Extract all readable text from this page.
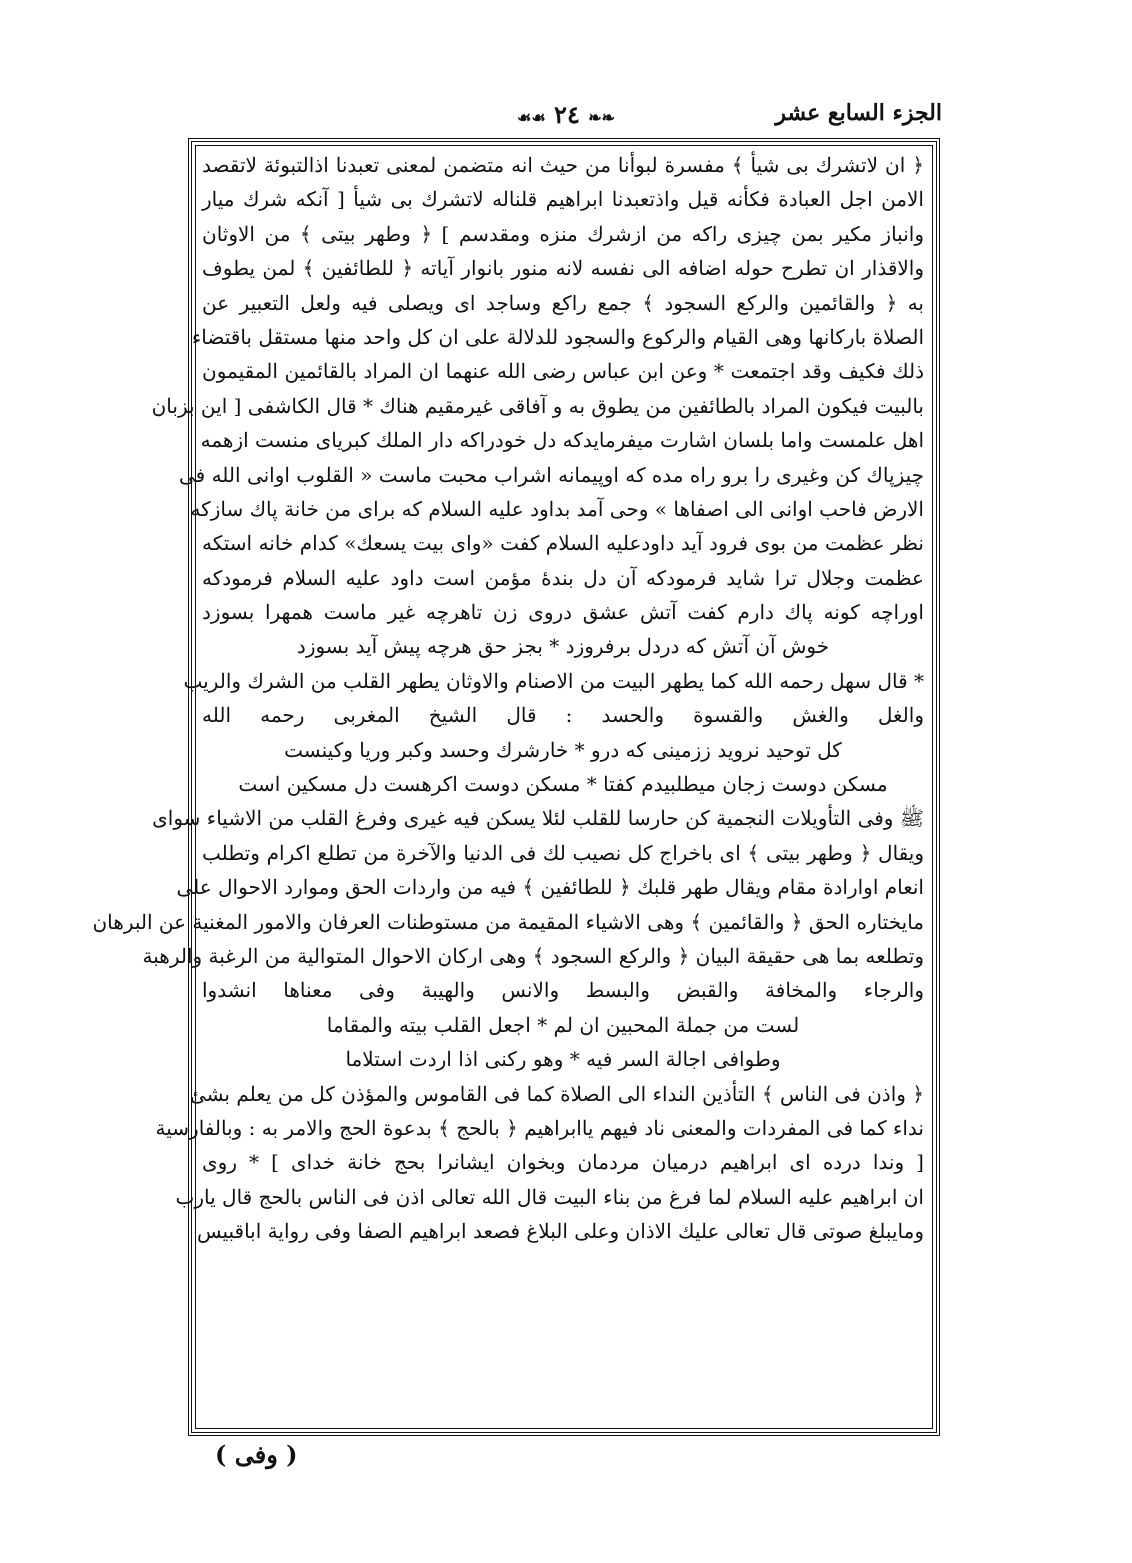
❧❧ ٢٤ ☙☙	الجزء السابع عشر
﴿ ان لاتشرك بى شيأ ﴾ مفسرة لبوأنا من حيث انه متضمن لمعنى تعبدنا اذالتبوئة لاتقصد
الامن اجل العبادة فكأنه قيل واذتعبدنا ابراهيم قلناله لاتشرك بى شيأ [ آنكه شرك ميار
وانباز مكير بمن چيزى راكه من ازشرك منزه ومقدسم ] ﴿ وطهر بيتى ﴾ من الاوثان
والاقذار ان تطرح حوله اضافه الى نفسه لانه منور بانوار آياته ﴿ للطائفين ﴾ لمن يطوف
به ﴿ والقائمين والركع السجود ﴾ جمع راكع وساجد اى ويصلى فيه ولعل التعبير عن
الصلاة باركانها وهى القيام والركوع والسجود للدلالة على ان كل واحد منها مستقل باقتضاء
ذلك فكيف وقد اجتمعت * وعن ابن عباس رضى الله عنهما ان المراد بالقائمين المقيمون
بالبيت فيكون المراد بالطائفين من يطوق به و آفاقى غيرمقيم هناك * قال الكاشفى [ اين بزبان
اهل علمست واما بلسان اشارت ميفرمايدكه دل خودراكه دار الملك كبرياى منست ازهمه
چيزپاك كن وغيرى را برو راه مده كه اوپيمانه اشراب محبت ماست « القلوب اوانى الله فى
الارض فاحب اوانى الى اصفاها » وحى آمد بداود عليه السلام كه براى من خانة پاك سازكه
نظر عظمت من بوى فرود آيد داودعليه السلام كفت «واى بيت يسعك» كدام خانه استكه
عظمت وجلال ترا شايد فرمودكه آن دل بندۀ مؤمن است داود عليه السلام فرمودكه
اوراچه كونه پاك دارم كفت آتش عشق دروى زن تاهرچه غير ماست همهرا بسوزد
خوش آن آتش كه دردل برفروزد * بجز حق هرچه پيش آيد بسوزد
* قال سهل رحمه الله كما يطهر البيت من الاصنام والاوثان يطهر القلب من الشرك والريب
والغل والغش والقسوة والحسد : قال الشيخ المغربى رحمه الله
كل توحيد نرويد ززمينى كه درو * خارشرك وحسد وكبر وريا وكينست
مسكن دوست زجان ميطلبيدم كفتا * مسكن دوست اكرهست دل مسكين است
ﷺ وفى التأويلات النجمية كن حارسا للقلب لئلا يسكن فيه غيرى وفرغ القلب من الاشياء سواى
ويقال ﴿ وطهر بيتى ﴾ اى باخراج كل نصيب لك فى الدنيا والآخرة من تطلع اكرام وتطلب
انعام اوارادة مقام ويقال طهر قلبك ﴿ للطائفين ﴾ فيه من واردات الحق وموارد الاحوال على
مايختاره الحق ﴿ والقائمين ﴾ وهى الاشياء المقيمة من مستوطنات العرفان والامور المغنية عن البرهان
وتطلعه بما هى حقيقة البيان ﴿ والركع السجود ﴾ وهى اركان الاحوال المتوالية من الرغبة والرهبة
والرجاء والمخافة والقبض والبسط والانس والهيبة وفى معناها انشدوا
لست من جملة المحبين ان لم * اجعل القلب بيته والمقاما
وطوافى اجالة السر فيه * وهو ركنى اذا اردت استلاما
﴿ واذن فى الناس ﴾ التأذين النداء الى الصلاة كما فى القاموس والمؤذن كل من يعلم بشئ
نداء كما فى المفردات والمعنى ناد فيهم ياابراهيم ﴿ بالحج ﴾ بدعوة الحج والامر به : وبالفارسية
[ وندا درده اى ابراهيم درميان مردمان وبخوان ايشانرا بحج خانة خداى ] * روى
ان ابراهيم عليه السلام لما فرغ من بناء البيت قال الله تعالى اذن فى الناس بالحج قال يارب
ومايبلغ صوتى قال تعالى عليك الاذان وعلى البلاغ فصعد ابراهيم الصفا وفى رواية اباقبيس
( وفى )
